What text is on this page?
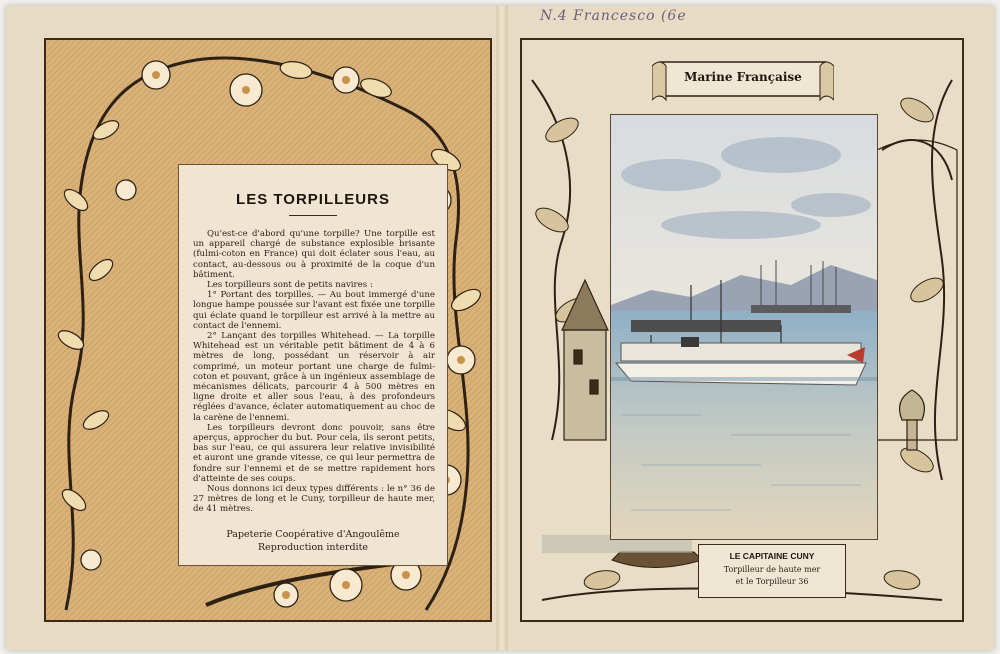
N.4 Francesco (6e
LES TORPILLEURS

Qu'est-ce d'abord qu'une torpille? Une torpille est un appareil chargé de substance explosible brisante (fulmi-coton en France) qui doit éclater sous l'eau, au contact, au-dessous ou à proximité de la coque d'un bâtiment.

Les torpilleurs sont de petits navires :

1° Portant des torpilles. — Au bout immergé d'une longue hampe poussée sur l'avant est fixée une torpille qui éclate quand le torpilleur est arrivé à la mettre au contact de l'ennemi.

2° Lançant des torpilles Whitehead. — La torpille Whitehead est un véritable petit bâtiment de 4 à 6 mètres de long, possédant un réservoir à air comprimé, un moteur portant une charge de fulmi-coton et pouvant, grâce à un ingénieux assemblage de mécanismes délicats, parcourir 4 à 500 mètres en ligne droite et aller sous l'eau, à des profondeurs réglées d'avance, éclater automatiquement au choc de la carène de l'ennemi.

Les torpilleurs devront donc pouvoir, sans être aperçus, approcher du but. Pour cela, ils seront petits, bas sur l'eau, ce qui assurera leur relative invisibilité et auront une grande vitesse, ce qui leur permettra de fondre sur l'ennemi et de se mettre rapidement hors d'atteinte de ses coups.

Nous donnons ici deux types différents : le n° 36 de 27 mètres de long et le Cuny, torpilleur de haute mer, de 41 mètres.

Papeterie Coopérative d'Angoulême
Reproduction interdite
Marine Française
LE CAPITAINE CUNY
Torpilleur de haute mer
et le Torpilleur 36
